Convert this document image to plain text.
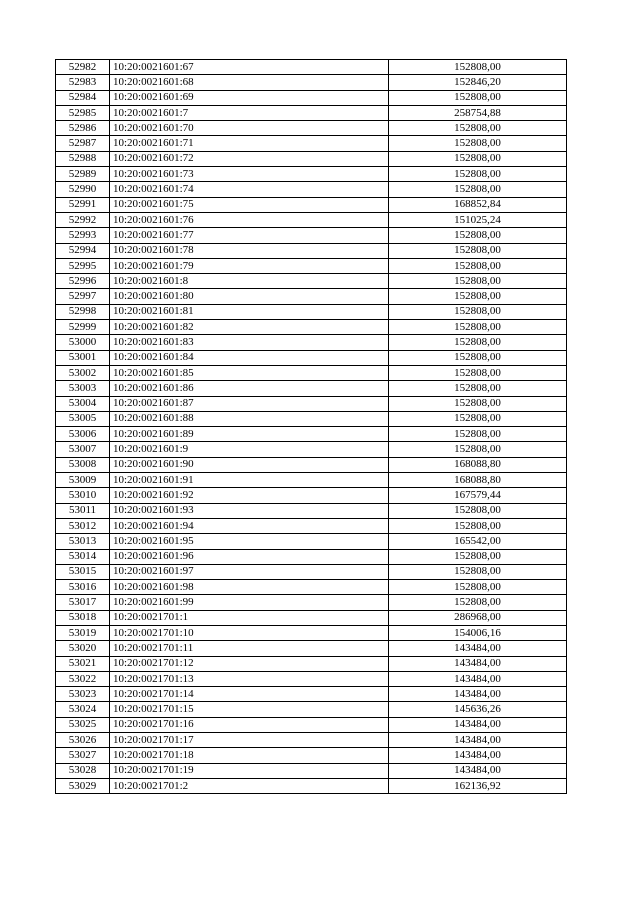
52982	10:20:0021601:67	152808,00
52983	10:20:0021601:68	152846,20
52984	10:20:0021601:69	152808,00
52985	10:20:0021601:7	258754,88
52986	10:20:0021601:70	152808,00
52987	10:20:0021601:71	152808,00
52988	10:20:0021601:72	152808,00
52989	10:20:0021601:73	152808,00
52990	10:20:0021601:74	152808,00
52991	10:20:0021601:75	168852,84
52992	10:20:0021601:76	151025,24
52993	10:20:0021601:77	152808,00
52994	10:20:0021601:78	152808,00
52995	10:20:0021601:79	152808,00
52996	10:20:0021601:8	152808,00
52997	10:20:0021601:80	152808,00
52998	10:20:0021601:81	152808,00
52999	10:20:0021601:82	152808,00
53000	10:20:0021601:83	152808,00
53001	10:20:0021601:84	152808,00
53002	10:20:0021601:85	152808,00
53003	10:20:0021601:86	152808,00
53004	10:20:0021601:87	152808,00
53005	10:20:0021601:88	152808,00
53006	10:20:0021601:89	152808,00
53007	10:20:0021601:9	152808,00
53008	10:20:0021601:90	168088,80
53009	10:20:0021601:91	168088,80
53010	10:20:0021601:92	167579,44
53011	10:20:0021601:93	152808,00
53012	10:20:0021601:94	152808,00
53013	10:20:0021601:95	165542,00
53014	10:20:0021601:96	152808,00
53015	10:20:0021601:97	152808,00
53016	10:20:0021601:98	152808,00
53017	10:20:0021601:99	152808,00
53018	10:20:0021701:1	286968,00
53019	10:20:0021701:10	154006,16
53020	10:20:0021701:11	143484,00
53021	10:20:0021701:12	143484,00
53022	10:20:0021701:13	143484,00
53023	10:20:0021701:14	143484,00
53024	10:20:0021701:15	145636,26
53025	10:20:0021701:16	143484,00
53026	10:20:0021701:17	143484,00
53027	10:20:0021701:18	143484,00
53028	10:20:0021701:19	143484,00
53029	10:20:0021701:2	162136,92
